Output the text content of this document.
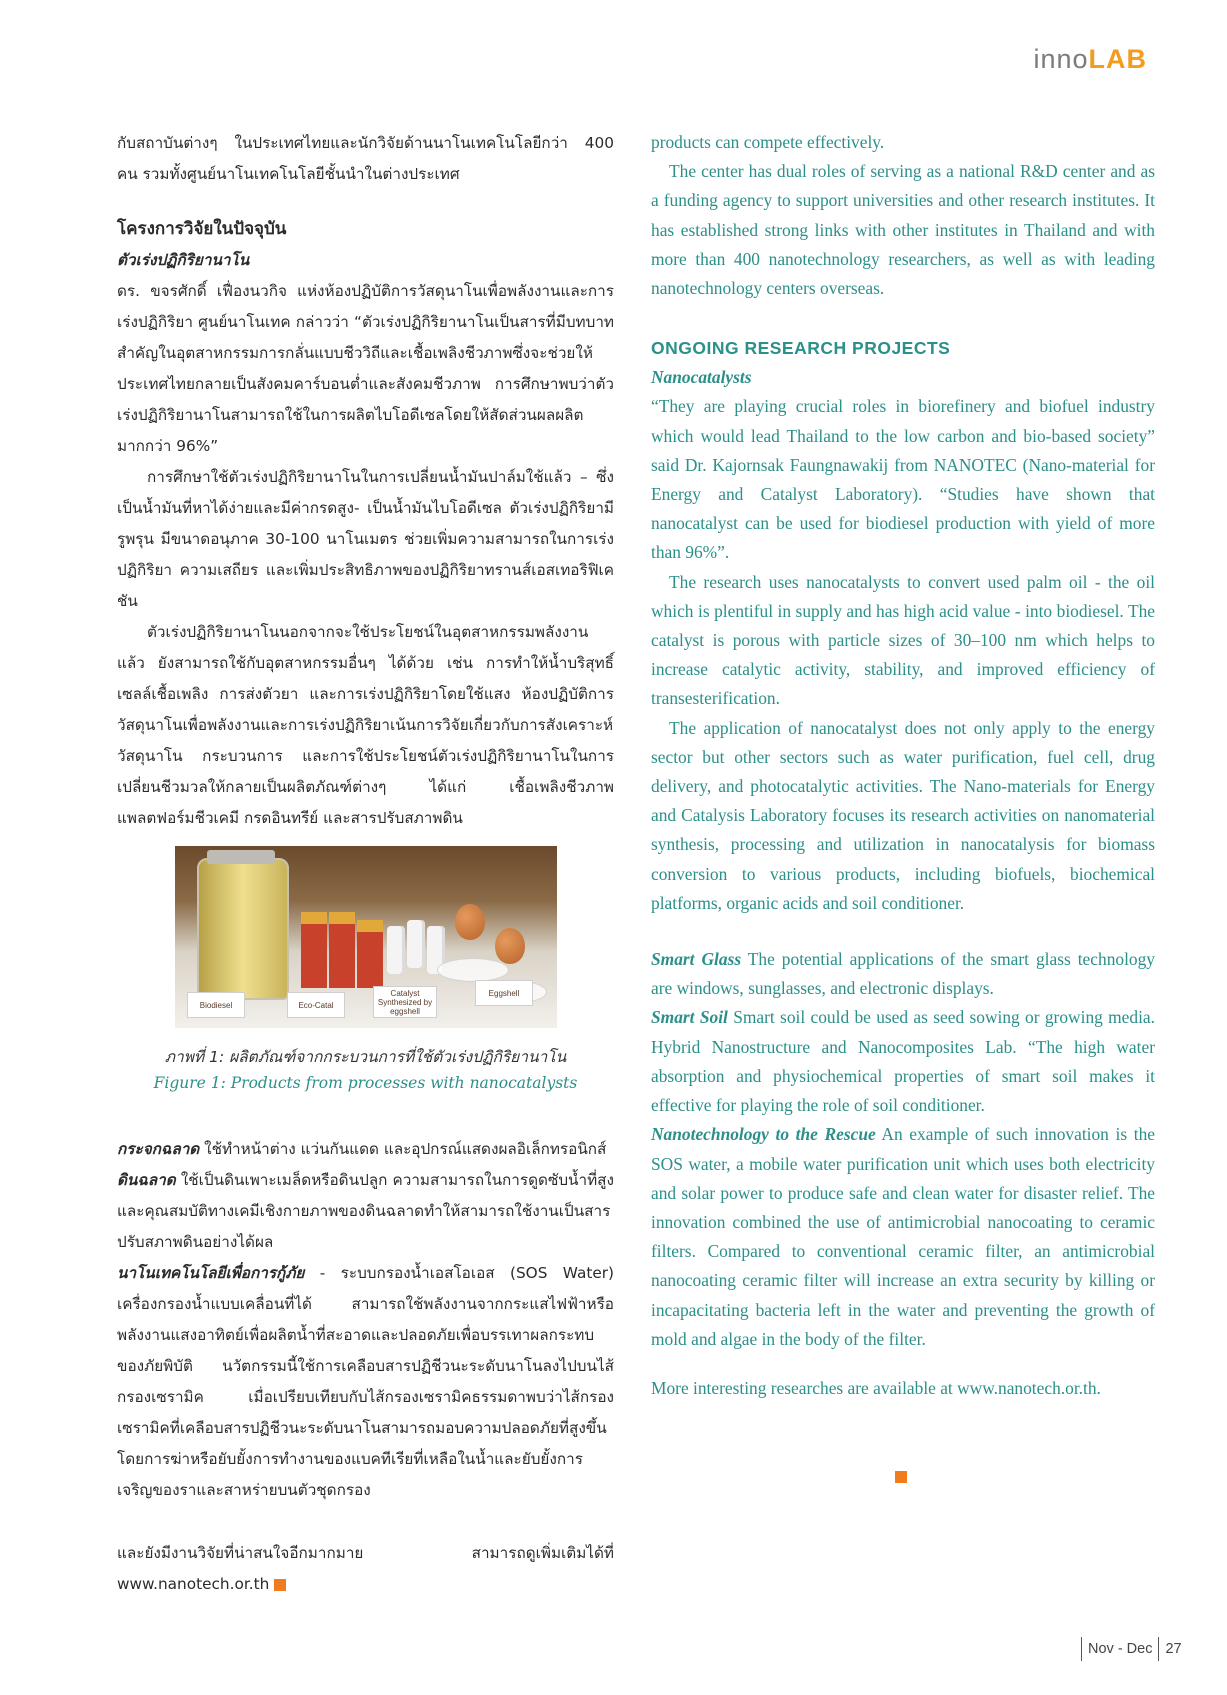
innoLAB

กับสถาบันต่างๆ ในประเทศไทยและนักวิจัยด้านนาโนเทคโนโลยีกว่า 400 คน รวมทั้งศูนย์นาโนเทคโนโลยีชั้นนำในต่างประเทศ

โครงการวิจัยในปัจจุบัน

ตัวเร่งปฏิกิริยานาโน

ดร. ขจรศักดิ์ เฟื่องนวกิจ แห่งห้องปฏิบัติการวัสดุนาโนเพื่อพลังงานและการเร่งปฏิกิริยา ศูนย์นาโนเทค กล่าวว่า “ตัวเร่งปฏิกิริยานาโนเป็นสารที่มีบทบาทสำคัญในอุตสาหกรรมการกลั่นแบบชีววิถีและเชื้อเพลิงชีวภาพซึ่งจะช่วยให้ประเทศไทยกลายเป็นสังคมคาร์บอนต่ำและสังคมชีวภาพ การศึกษาพบว่าตัวเร่งปฏิกิริยานาโนสามารถใช้ในการผลิตไบโอดีเซลโดยให้สัดส่วนผลผลิตมากกว่า 96%”

การศึกษาใช้ตัวเร่งปฏิกิริยานาโนในการเปลี่ยนน้ำมันปาล์มใช้แล้ว – ซึ่งเป็นน้ำมันที่หาได้ง่ายและมีค่ากรดสูง- เป็นน้ำมันไบโอดีเซล ตัวเร่งปฏิกิริยามีรูพรุน มีขนาดอนุภาค 30-100 นาโนเมตร ช่วยเพิ่มความสามารถในการเร่งปฏิกิริยา ความเสถียร และเพิ่มประสิทธิภาพของปฏิกิริยาทรานส์เอสเทอริฟิเคชัน

ตัวเร่งปฏิกิริยานาโนนอกจากจะใช้ประโยชน์ในอุตสาหกรรมพลังงานแล้ว ยังสามารถใช้กับอุตสาหกรรมอื่นๆ ได้ด้วย เช่น การทำให้น้ำบริสุทธิ์ เซลล์เชื้อเพลิง การส่งตัวยา และการเร่งปฏิกิริยาโดยใช้แสง ห้องปฏิบัติการวัสดุนาโนเพื่อพลังงานและการเร่งปฏิกิริยาเน้นการวิจัยเกี่ยวกับการสังเคราะห์วัสดุนาโน กระบวนการ และการใช้ประโยชน์ตัวเร่งปฏิกิริยานาโนในการเปลี่ยนชีวมวลให้กลายเป็นผลิตภัณฑ์ต่างๆ ได้แก่ เชื้อเพลิงชีวภาพ แพลตฟอร์มชีวเคมี กรดอินทรีย์ และสารปรับสภาพดิน

Biodiesel	Eco-Catal
Catalyst Synthesized by eggshell
Eggshell
ภาพที่ 1: ผลิตภัณฑ์จากกระบวนการที่ใช้ตัวเร่งปฏิกิริยานาโน
Figure 1: Products from processes with nanocatalysts

กระจกฉลาด ใช้ทำหน้าต่าง แว่นกันแดด และอุปกรณ์แสดงผลอิเล็กทรอนิกส์

ดินฉลาด ใช้เป็นดินเพาะเมล็ดหรือดินปลูก ความสามารถในการดูดซับน้ำที่สูงและคุณสมบัติทางเคมีเชิงกายภาพของดินฉลาดทำให้สามารถใช้งานเป็นสารปรับสภาพดินอย่างได้ผล

นาโนเทคโนโลยีเพื่อการกู้ภัย - ระบบกรองน้ำเอสโอเอส (SOS Water) เครื่องกรองน้ำแบบเคลื่อนที่ได้ สามารถใช้พลังงานจากกระแสไฟฟ้าหรือพลังงานแสงอาทิตย์เพื่อผลิตน้ำที่สะอาดและปลอดภัยเพื่อบรรเทาผลกระทบของภัยพิบัติ นวัตกรรมนี้ใช้การเคลือบสารปฏิชีวนะระดับนาโนลงไปบนไส้กรองเซรามิค เมื่อเปรียบเทียบกับไส้กรองเซรามิคธรรมดาพบว่าไส้กรองเซรามิคที่เคลือบสารปฏิชีวนะระดับนาโนสามารถมอบความปลอดภัยที่สูงขึ้นโดยการฆ่าหรือยับยั้งการทำงานของแบคทีเรียที่เหลือในน้ำและยับยั้งการเจริญของราและสาหร่ายบนตัวชุดกรอง

และยังมีงานวิจัยที่น่าสนใจอีกมากมาย สามารถดูเพิ่มเติมได้ที่ www.nanotech.or.th

products can compete effectively.

The center has dual roles of serving as a national R&D center and as a funding agency to support universities and other research institutes. It has established strong links with other institutes in Thailand and with more than 400 nanotechnology researchers, as well as with leading nanotechnology centers overseas.

ONGOING RESEARCH PROJECTS

Nanocatalysts

“They are playing crucial roles in biorefinery and biofuel industry which would lead Thailand to the low carbon and bio-based society” said Dr. Kajornsak Faungnawakij from NANOTEC (Nano-material for Energy and Catalyst Laboratory). “Studies have shown that nanocatalyst can be used for biodiesel production with yield of more than 96%”.

The research uses nanocatalysts to convert used palm oil - the oil which is plentiful in supply and has high acid value - into biodiesel. The catalyst is porous with particle sizes of 30–100 nm which helps to increase catalytic activity, stability, and improved efficiency of transesterification.

The application of nanocatalyst does not only apply to the energy sector but other sectors such as water purification, fuel cell, drug delivery, and photocatalytic activities. The Nano-materials for Energy and Catalysis Laboratory focuses its research activities on nanomaterial synthesis, processing and utilization in nanocatalysis for biomass conversion to various products, including biofuels, biochemical platforms, organic acids and soil conditioner.

Smart Glass The potential applications of the smart glass technology are windows, sunglasses, and electronic displays.

Smart Soil Smart soil could be used as seed sowing or growing media. Hybrid Nanostructure and Nanocomposites Lab. “The high water absorption and physiochemical properties of smart soil makes it effective for playing the role of soil conditioner.

Nanotechnology to the Rescue An example of such innovation is the SOS water, a mobile water purification unit which uses both electricity and solar power to produce safe and clean water for disaster relief. The innovation combined the use of antimicrobial nanocoating to ceramic filters. Compared to conventional ceramic filter, an antimicrobial nanocoating ceramic filter will increase an extra security by killing or incapacitating bacteria left in the water and preventing the growth of mold and algae in the body of the filter.

More interesting researches are available at www.nanotech.or.th.

Nov - Dec 27
